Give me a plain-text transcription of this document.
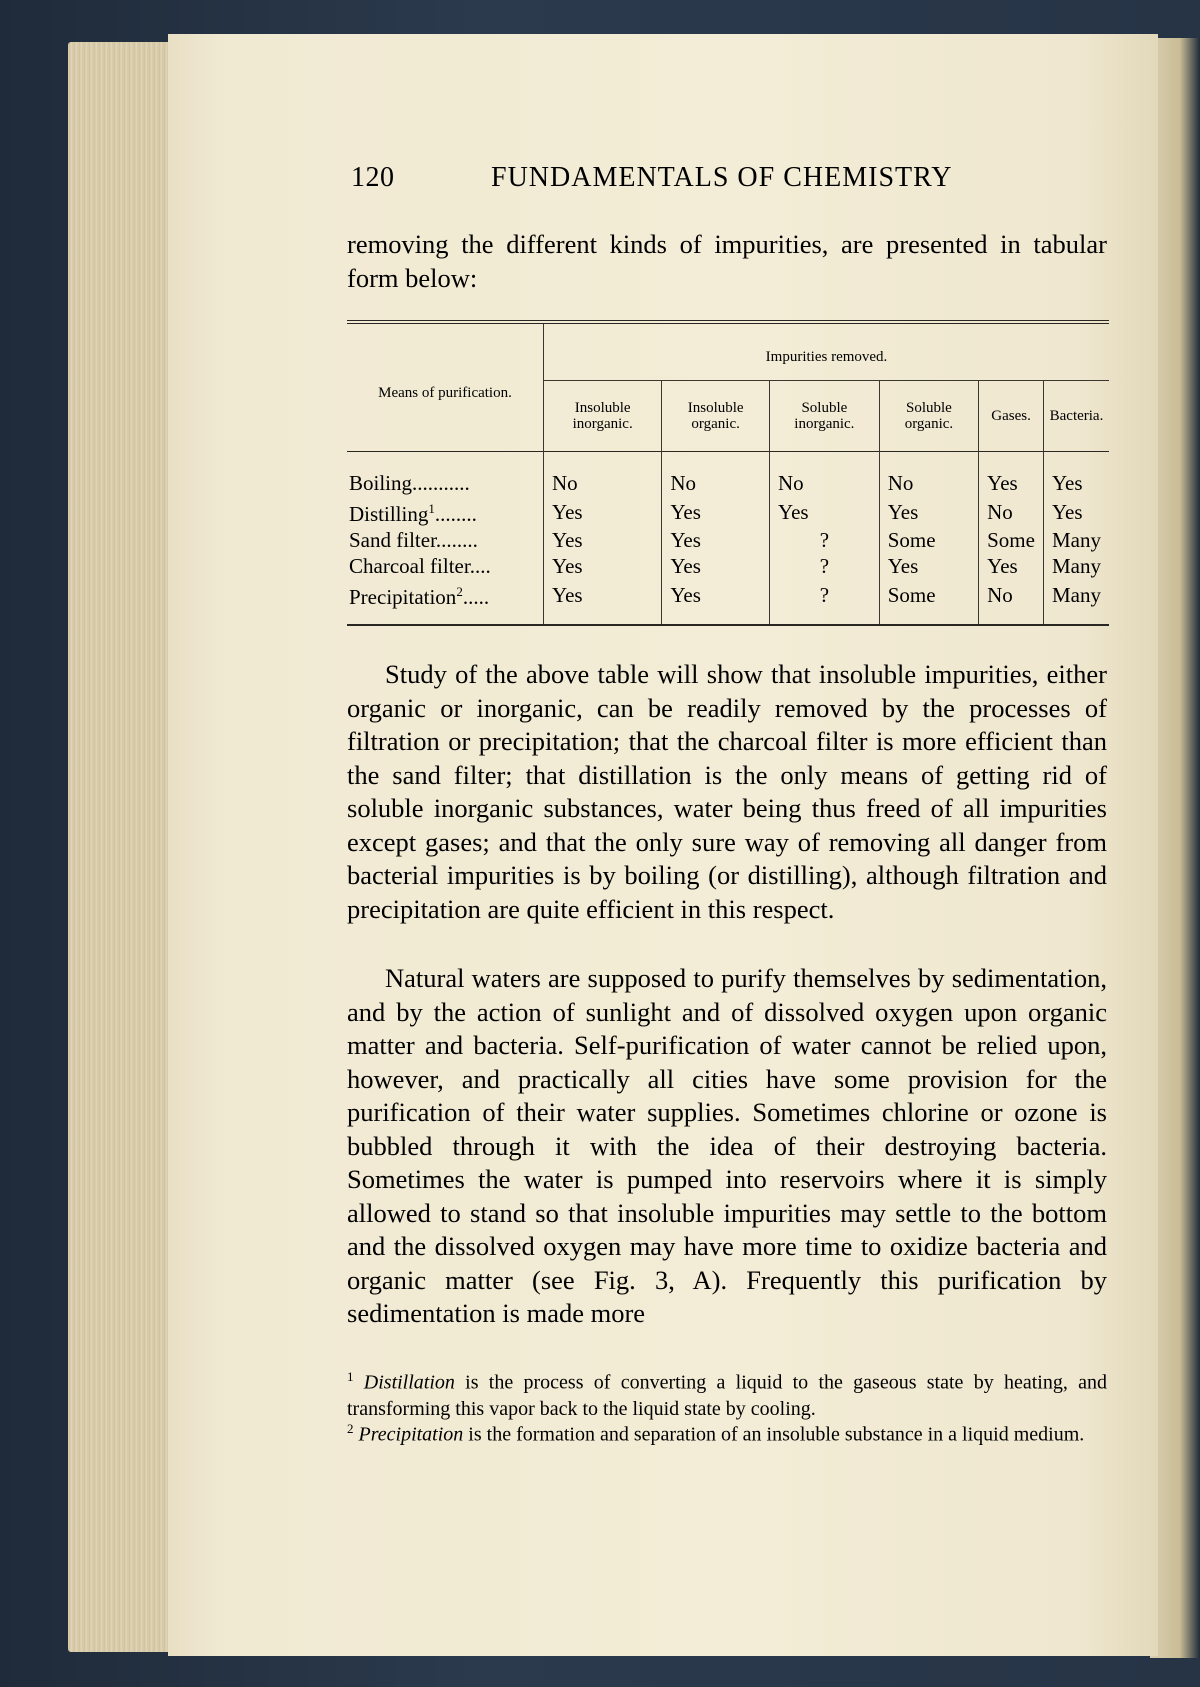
120	FUNDAMENTALS OF CHEMISTRY
removing the different kinds of impurities, are presented in tabular form below:
Means of purification.	Impurities removed.					
	Insoluble inorganic.	Insoluble organic.	Soluble inorganic.	Soluble organic.	Gases.	Bacteria.
Boiling...........	No	No	No	No	Yes	Yes
Distilling$^1$........	Yes	Yes	Yes	Yes	No	Yes
Sand filter........	Yes	Yes	?	Some	Some	Many
Charcoal filter....	Yes	Yes	?	Yes	Yes	Many
Precipitation$^2$.....	Yes	Yes	?	Some	No	Many
Study of the above table will show that insoluble impurities, either organic or inorganic, can be readily removed by the processes of filtration or precipitation; that the charcoal filter is more efficient than the sand filter; that distillation is the only means of getting rid of soluble inorganic substances, water being thus freed of all impurities except gases; and that the only sure way of removing all danger from bacterial impurities is by boiling (or distilling), although filtration and precipitation are quite efficient in this respect.
Natural waters are supposed to purify themselves by sedimentation, and by the action of sunlight and of dissolved oxygen upon organic matter and bacteria. Self-purification of water cannot be relied upon, however, and practically all cities have some provision for the purification of their water supplies. Sometimes chlorine or ozone is bubbled through it with the idea of their destroying bacteria. Sometimes the water is pumped into reservoirs where it is simply allowed to stand so that insoluble impurities may settle to the bottom and the dissolved oxygen may have more time to oxidize bacteria and organic matter (see Fig. 3, A). Frequently this purification by sedimentation is made more
$^1$ Distillation is the process of converting a liquid to the gaseous state by heating, and transforming this vapor back to the liquid state by cooling.
$^2$ Precipitation is the formation and separation of an insoluble substance in a liquid medium.
